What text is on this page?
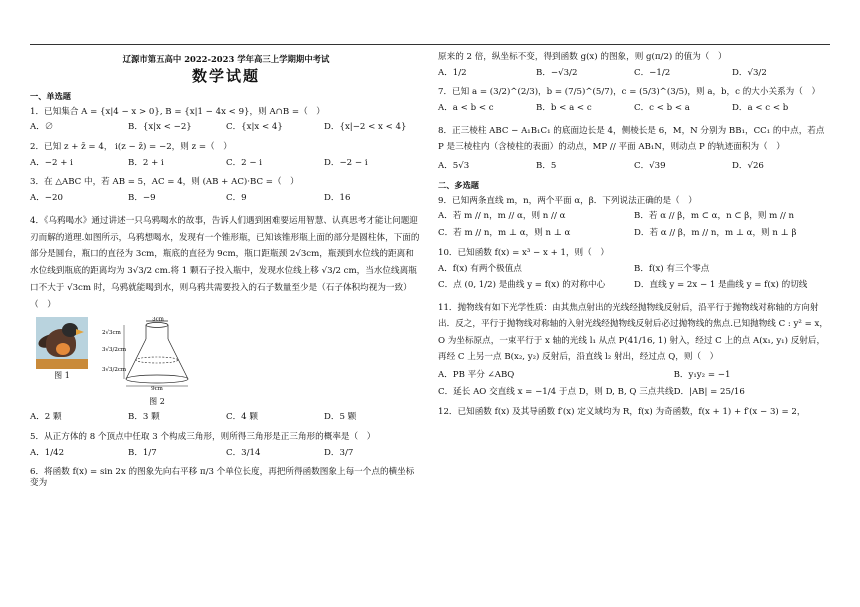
辽源市第五高中 2022-2023 学年高三上学期期中考试
数学试题
一、单选题

1．已知集合 A = {x|4 − x > 0}, B = {x|1 − 4x < 9}，则 A∩B =（　）

A．∅	B．{x|x < −2}	C．{x|x < 4}	D．{x|−2 < x < 4}

2．已知 z + z̄ = 4， i(z − z̄) = −2，则 z =（　）

A．−2 + i	B．2 + i	C．2 − i	D．−2 − i

3．在 △ABC 中，若 AB = 5，AC = 4，则 (AB + AC)·BC =（　）

A．−20	B．−9	C．9	D．16

4．《乌鸦喝水》通过讲述一只乌鸦喝水的故事，告诉人们遇到困难要运用智慧、认真思考才能让问题迎刃而解的道理.如图所示，乌鸦想喝水，发现有一个锥形瓶，已知该锥形瓶上面的部分是圆柱体，下面的部分是圆台，瓶口的直径为 3cm，瓶底的直径为 9cm，瓶口距瓶颈 2√3cm，瓶颈到水位线的距离和水位线到瓶底的距离均为 3√3/2 cm.将 1 颗石子投入瓶中，发现水位线上移 √3/2 cm，当水位线离瓶口不大于 √3cm 时，乌鸦就能喝到水，则乌鸦共需要投入的石子数量至少是（石子体积均视为一致）（　）

图 1
3cm
2√3cm
3√3/2cm
3√3/2cm
9cm
图 2
A．2 颗	B．3 颗	C．4 颗	D．5 颗

5．从正方体的 8 个顶点中任取 3 个构成三角形，则所得三角形是正三角形的概率是（　）

A．1/42	B．1/7	C．3/14	D．3/7

6．将函数 f(x) = sin 2x 的图象先向右平移 π/3 个单位长度，再把所得函数图象上每一个点的横坐标变为

原来的 2 倍，纵坐标不变，得到函数 g(x) 的图象，则 g(π/2) 的值为（　）

A．1/2	B．−√3/2	C．−1/2	D．√3/2

7．已知 a = (3/2)^(2/3)，b = (7/5)^(5/7)，c = (5/3)^(3/5)，则 a，b，c 的大小关系为（　）

A．a < b < c	B．b < a < c	C．c < b < a	D．a < c < b

8．正三棱柱 ABC − A₁B₁C₁ 的底面边长是 4，侧棱长是 6，M，N 分别为 BB₁，CC₁ 的中点，若点 P 是三棱柱内（含棱柱的表面）的动点，MP // 平面 AB₁N，则动点 P 的轨迹面积为（　）

A．5√3	B．5	C．√39	D．√26
二、多选题

9．已知两条直线 m，n，两个平面 α，β．下列说法正确的是（　）

A．若 m // n，m // α，则 n // α	B．若 α // β，m ⊂ α，n ⊂ β，则 m // n
C．若 m // n，m ⊥ α，则 n ⊥ α	D．若 α // β，m // n，m ⊥ α，则 n ⊥ β

10．已知函数 f(x) = x³ − x + 1，则（　）

A．f(x) 有两个极值点	B．f(x) 有三个零点
C．点 (0, 1/2) 是曲线 y = f(x) 的对称中心	D．直线 y = 2x − 1 是曲线 y = f(x) 的切线

11．抛物线有如下光学性质：由其焦点射出的光线经抛物线反射后，沿平行于抛物线对称轴的方向射出．反之，平行于抛物线对称轴的入射光线经抛物线反射后必过抛物线的焦点.已知抛物线 C : y² = x，O 为坐标原点，一束平行于 x 轴的光线 l₁ 从点 P(41/16, 1) 射入，经过 C 上的点 A(x₁, y₁) 反射后，再经 C 上另一点 B(x₂, y₂) 反射后，沿直线 l₂ 射出，经过点 Q，则（　）

A．PB 平分 ∠ABQ	B．y₁y₂ = −1
C．延长 AO 交直线 x = −1/4 于点 D，则 D, B, Q 三点共线 D．|AB| = 25/16

12．已知函数 f(x) 及其导函数 f′(x) 定义域均为 R，f(x) 为奇函数，f(x + 1) + f′(x − 3) = 2，
